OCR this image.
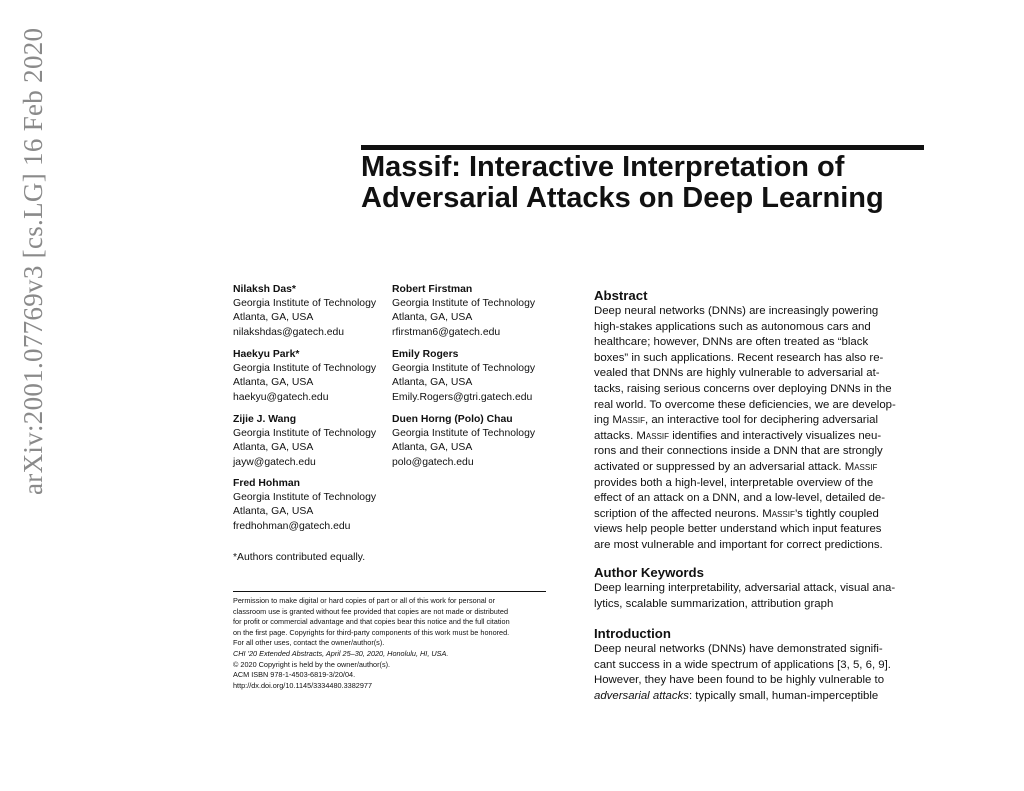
arXiv:2001.07769v3 [cs.LG] 16 Feb 2020	Massif: Interactive Interpretation of
Adversarial Attacks on Deep Learning
Nilaksh Das*
Georgia Institute of Technology
Atlanta, GA, USA
nilakshdas@gatech.edu
Robert Firstman
Georgia Institute of Technology
Atlanta, GA, USA
rfirstman6@gatech.edu
Haekyu Park*
Georgia Institute of Technology
Atlanta, GA, USA
haekyu@gatech.edu
Emily Rogers
Georgia Institute of Technology
Atlanta, GA, USA
Emily.Rogers@gtri.gatech.edu
Zijie J. Wang
Georgia Institute of Technology
Atlanta, GA, USA
jayw@gatech.edu
Duen Horng (Polo) Chau
Georgia Institute of Technology
Atlanta, GA, USA
polo@gatech.edu
Fred Hohman
Georgia Institute of Technology
Atlanta, GA, USA
fredhohman@gatech.edu
*Authors contributed equally.
Permission to make digital or hard copies of part or all of this work for personal or
classroom use is granted without fee provided that copies are not made or distributed
for profit or commercial advantage and that copies bear this notice and the full citation
on the first page. Copyrights for third-party components of this work must be honored.
For all other uses, contact the owner/author(s).
CHI '20 Extended Abstracts, April 25–30, 2020, Honolulu, HI, USA.
© 2020 Copyright is held by the owner/author(s).
ACM ISBN 978-1-4503-6819-3/20/04.
http://dx.doi.org/10.1145/3334480.3382977
Abstract
Deep neural networks (DNNs) are increasingly powering
high-stakes applications such as autonomous cars and
healthcare; however, DNNs are often treated as “black
boxes” in such applications. Recent research has also re-
vealed that DNNs are highly vulnerable to adversarial at-
tacks, raising serious concerns over deploying DNNs in the
real world. To overcome these deficiencies, we are develop-
ing Massif, an interactive tool for deciphering adversarial
attacks. Massif identifies and interactively visualizes neu-
rons and their connections inside a DNN that are strongly
activated or suppressed by an adversarial attack. Massif
provides both a high-level, interpretable overview of the
effect of an attack on a DNN, and a low-level, detailed de-
scription of the affected neurons. Massif’s tightly coupled
views help people better understand which input features
are most vulnerable and important for correct predictions.
Author Keywords
Deep learning interpretability, adversarial attack, visual ana-
lytics, scalable summarization, attribution graph
Introduction
Deep neural networks (DNNs) have demonstrated signifi-
cant success in a wide spectrum of applications [3, 5, 6, 9].
However, they have been found to be highly vulnerable to
adversarial attacks: typically small, human-imperceptible
